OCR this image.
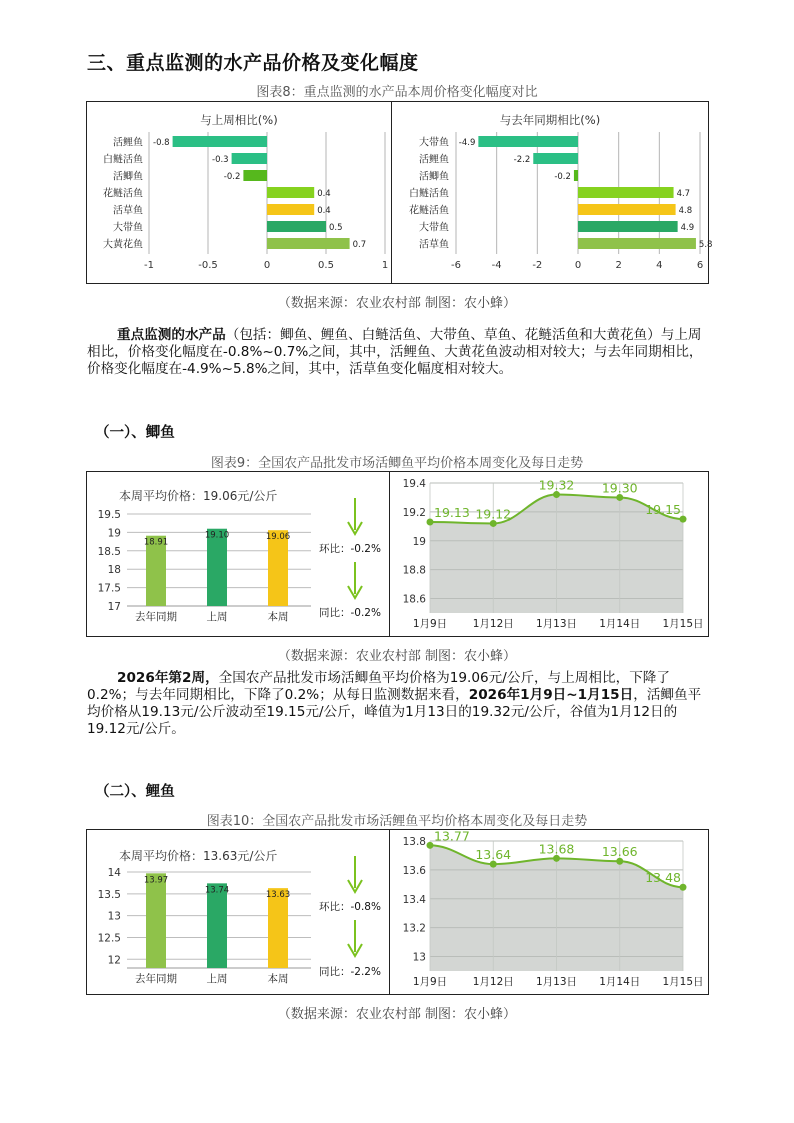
三、重点监测的水产品价格及变化幅度
图表8：重点监测的水产品本周价格变化幅度对比
与上周相比(%)
-1	-0.5	0	0.5	1
活鲤鱼 -0.8
白鲢活鱼	-0.3
活鲫鱼	-0.2
花鲢活鱼	0.4
活草鱼	0.4
大带鱼	0.5
大黄花鱼	0.7
与去年同期相比(%)
-6	-4	-2	0	2	4	6
大带鱼 -4.9
活鲤鱼	-2.2
活鲫鱼	-0.2
白鲢活鱼	4.7
花鲢活鱼	4.8
大带鱼	4.9
活草鱼	5.8
（数据来源：农业农村部 制图：农小蜂）
重点监测的水产品（包括：鲫鱼、鲤鱼、白鲢活鱼、大带鱼、草鱼、花鲢活鱼和大黄花鱼）与上周相比，价格变化幅度在-0.8%~0.7%之间，其中，活鲤鱼、大黄花鱼波动相对较大；与去年同期相比，价格变化幅度在-4.9%~5.8%之间，其中，活草鱼变化幅度相对较大。
（一）、鲫鱼
图表9：全国农产品批发市场活鲫鱼平均价格本周变化及每日走势
本周平均价格：19.06元/公斤
17
17.5
18
18.5
19
19.5
18.91
去年同期
19.10
上周
19.06
本周
环比：-0.2%
同比：-0.2%
18.6
18.8
19
19.2
19.4
1月9日 1月12日 1月13日 1月14日 1月15日
19.13 19.12
19.32 19.30
19.15
（数据来源：农业农村部 制图：农小蜂）
2026年第2周，全国农产品批发市场活鲫鱼平均价格为19.06元/公斤，与上周相比，下降了0.2%；与去年同期相比，下降了0.2%；从每日监测数据来看，2026年1月9日~1月15日，活鲫鱼平均价格从19.13元/公斤波动至19.15元/公斤，峰值为1月13日的19.32元/公斤，谷值为1月12日的19.12元/公斤。
（二）、鲤鱼
图表10：全国农产品批发市场活鲤鱼平均价格本周变化及每日走势
本周平均价格：13.63元/公斤
12
12.5
13
13.5
14
13.97
去年同期
13.74
上周
13.63
本周
环比：-0.8%
同比：-2.2%
13
13.2
13.4
13.6
13.8
1月9日 1月12日 1月13日 1月14日 1月15日
13.77
13.64 13.68 13.66
13.48
（数据来源：农业农村部 制图：农小蜂）
